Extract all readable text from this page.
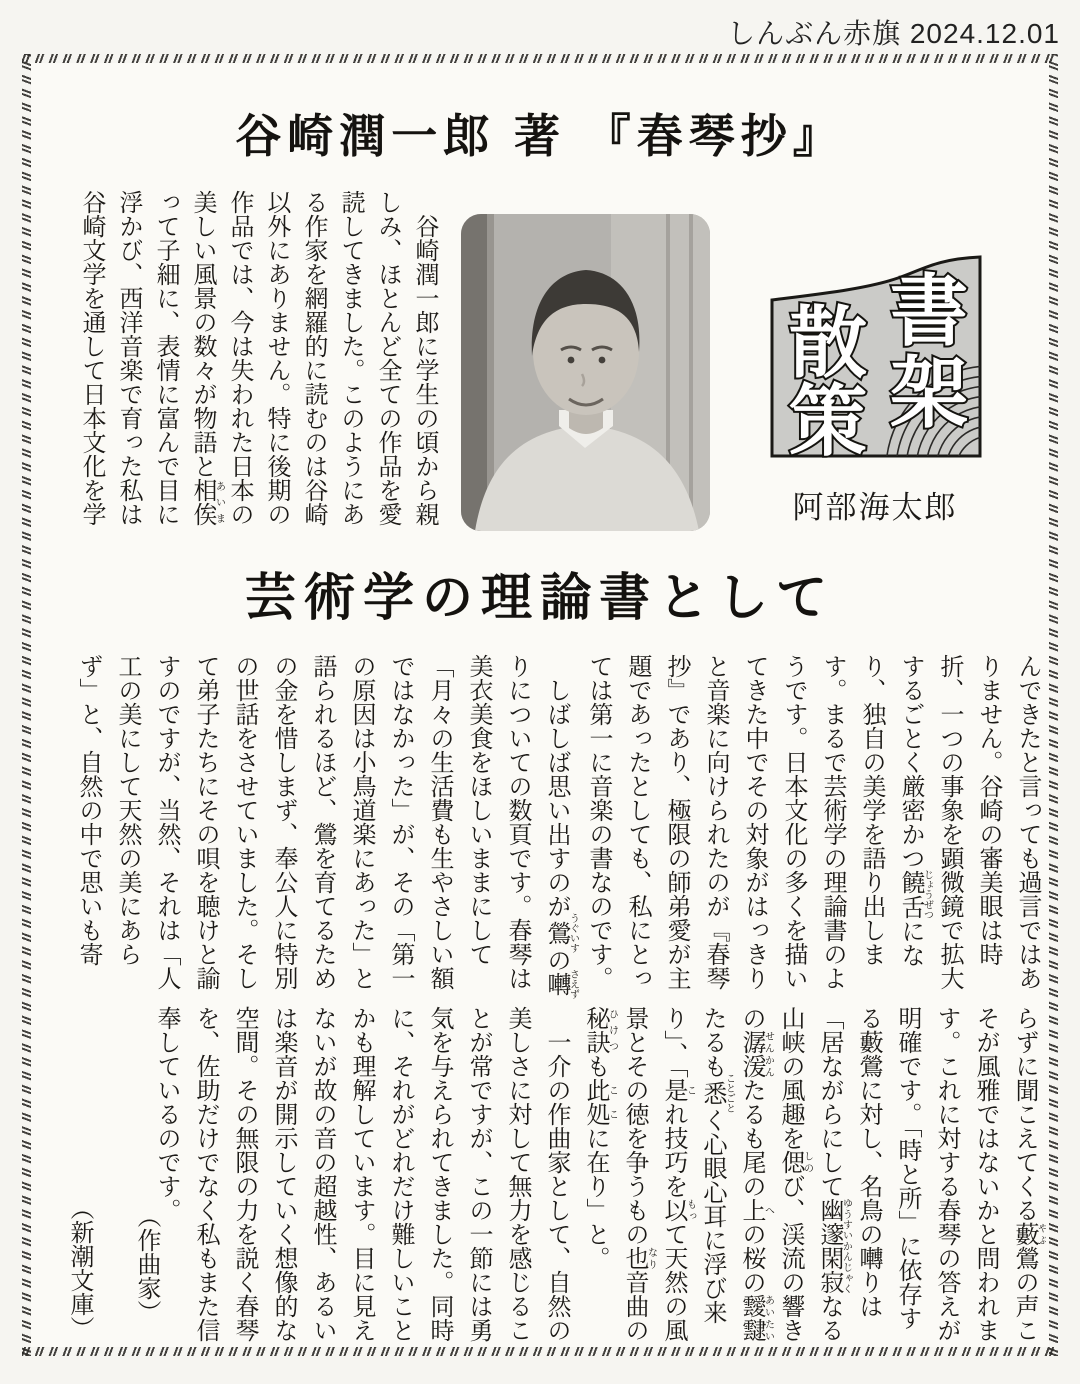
しんぶん赤旗 2024.12.01
谷崎潤一郎 著 『春琴抄』

　谷崎潤一郎に学生の頃から親しみ、ほとんど全ての作品を愛読してきました。このようにある作家を網羅的に読むのは谷崎以外にありません。特に後期の作品では、今は失われた日本の美しい風景の数々が物語と相俟あいまって子細に、表情に富んで目に浮かび、西洋音楽で育った私は谷崎文学を通して日本文化を学	書
架
散
策
阿部海太郎
芸術学の理論書として

んできたと言っても過言ではありません。谷崎の審美眼は時折、一つの事象を顕微鏡で拡大するごとく厳密かつ饒舌じょうぜつになり、独自の美学を語り出します。まるで芸術学の理論書のようです。日本文化の多くを描いてきた中でその対象がはっきりと音楽に向けられたのが『春琴抄』であり、極限の師弟愛が主題であったとしても、私にとっては第一に音楽の書なのです。

　しばしば思い出すのが鶯うぐいすの囀さえずりについての数頁です。春琴は美衣美食をほしいままにして「月々の生活費も生やさしい額ではなかった」が、その「第一の原因は小鳥道楽にあった」と語られるほど、鶯を育てるための金を惜しまず、奉公人に特別の世話をさせていました。そして弟子たちにその唄を聴けと諭すのですが、当然、それは「人工の美にして天然の美にあらず」と、自然の中で思いも寄

らずに聞こえてくる藪やぶ鶯の声こそが風雅ではないかと問われます。これに対する春琴の答えが明確です。「時と所」に依存する藪鶯に対し、名鳥の囀りは「居ながらにして幽邃閑寂ゆうすいかんじゃくなる山峡の風趣を偲しのび、渓流の響きの潺湲せんかんたるも尾の上への桜の靉靆あいたいたるも悉ことごとく心眼心耳に浮び来り」、「是これ技巧を以もって天然の風景とその徳を争うもの也なり音曲の秘訣ひけつも此処ここに在り」と。

　一介の作曲家として、自然の美しさに対して無力を感じることが常ですが、この一節には勇気を与えられてきました。同時に、それがどれだけ難しいことかも理解しています。目に見えないが故の音の超越性、あるいは楽音が開示していく想像的な空間。その無限の力を説く春琴を、佐助だけでなく私もまた信奉しているのです。

（作曲家）
（新潮文庫）
